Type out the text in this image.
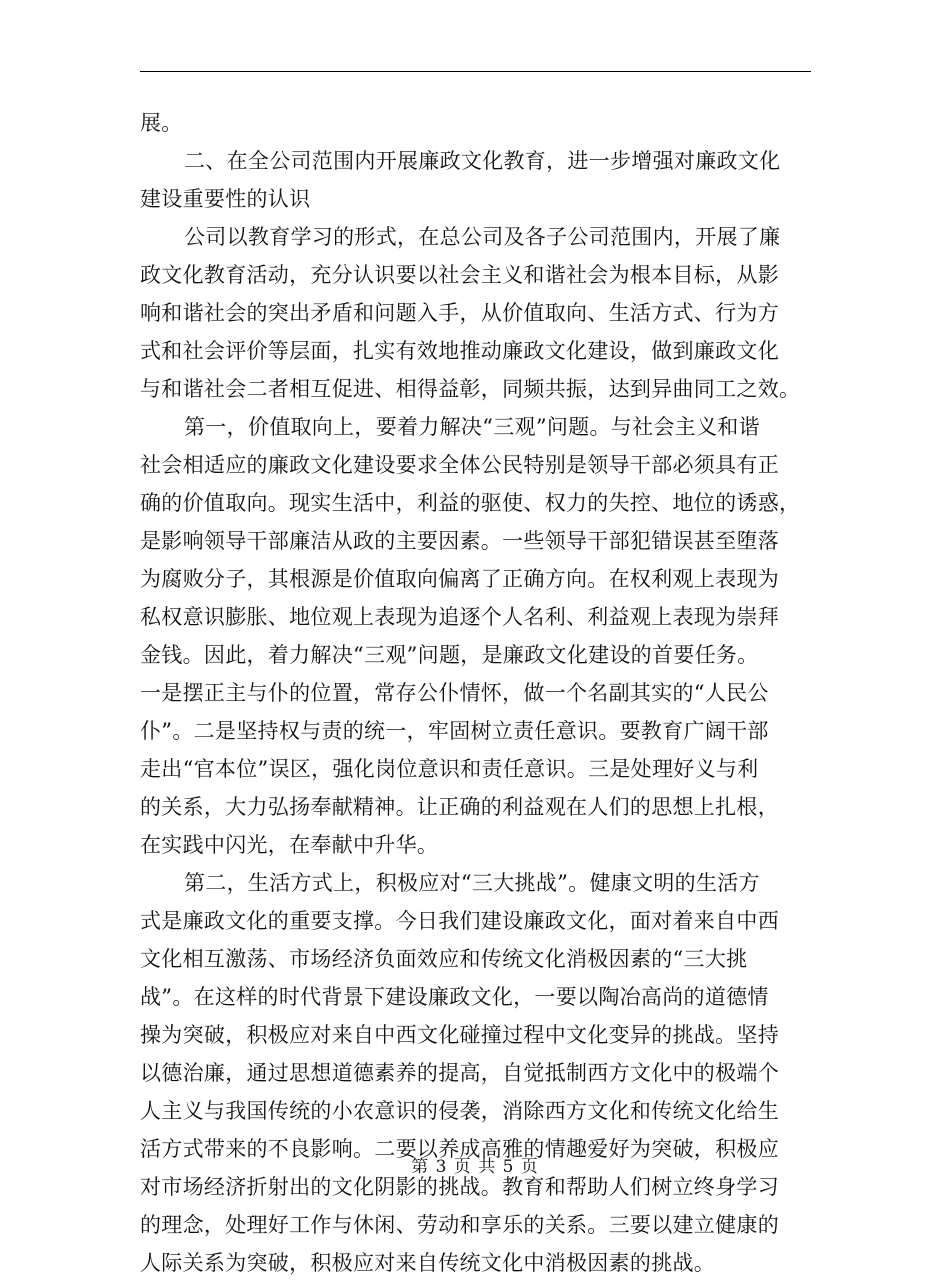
展。
二、在全公司范围内开展廉政文化教育，进一步增强对廉政文化
建设重要性的认识
公司以教育学习的形式，在总公司及各子公司范围内，开展了廉
政文化教育活动，充分认识要以社会主义和谐社会为根本目标，从影
响和谐社会的突出矛盾和问题入手，从价值取向、生活方式、行为方
式和社会评价等层面，扎实有效地推动廉政文化建设，做到廉政文化
与和谐社会二者相互促进、相得益彰，同频共振，达到异曲同工之效。
第一，价值取向上，要着力解决“三观”问题。与社会主义和谐
社会相适应的廉政文化建设要求全体公民特别是领导干部必须具有正
确的价值取向。现实生活中，利益的驱使、权力的失控、地位的诱惑，
是影响领导干部廉洁从政的主要因素。一些领导干部犯错误甚至堕落
为腐败分子，其根源是价值取向偏离了正确方向。在权利观上表现为
私权意识膨胀、地位观上表现为追逐个人名利、利益观上表现为崇拜
金钱。因此，着力解决“三观”问题，是廉政文化建设的首要任务。
一是摆正主与仆的位置，常存公仆情怀，做一个名副其实的“人民公
仆”。二是坚持权与责的统一，牢固树立责任意识。要教育广阔干部
走出“官本位”误区，强化岗位意识和责任意识。三是处理好义与利
的关系，大力弘扬奉献精神。让正确的利益观在人们的思想上扎根，
在实践中闪光，在奉献中升华。
第二，生活方式上，积极应对“三大挑战”。健康文明的生活方
式是廉政文化的重要支撑。今日我们建设廉政文化，面对着来自中西
文化相互激荡、市场经济负面效应和传统文化消极因素的“三大挑
战”。在这样的时代背景下建设廉政文化，一要以陶冶高尚的道德情
操为突破，积极应对来自中西文化碰撞过程中文化变异的挑战。坚持
以德治廉，通过思想道德素养的提高，自觉抵制西方文化中的极端个
人主义与我国传统的小农意识的侵袭，消除西方文化和传统文化给生
活方式带来的不良影响。二要以养成高雅的情趣爱好为突破，积极应
对市场经济折射出的文化阴影的挑战。教育和帮助人们树立终身学习
的理念，处理好工作与休闲、劳动和享乐的关系。三要以建立健康的
人际关系为突破，积极应对来自传统文化中消极因素的挑战。
第 3 页 共 5 页
